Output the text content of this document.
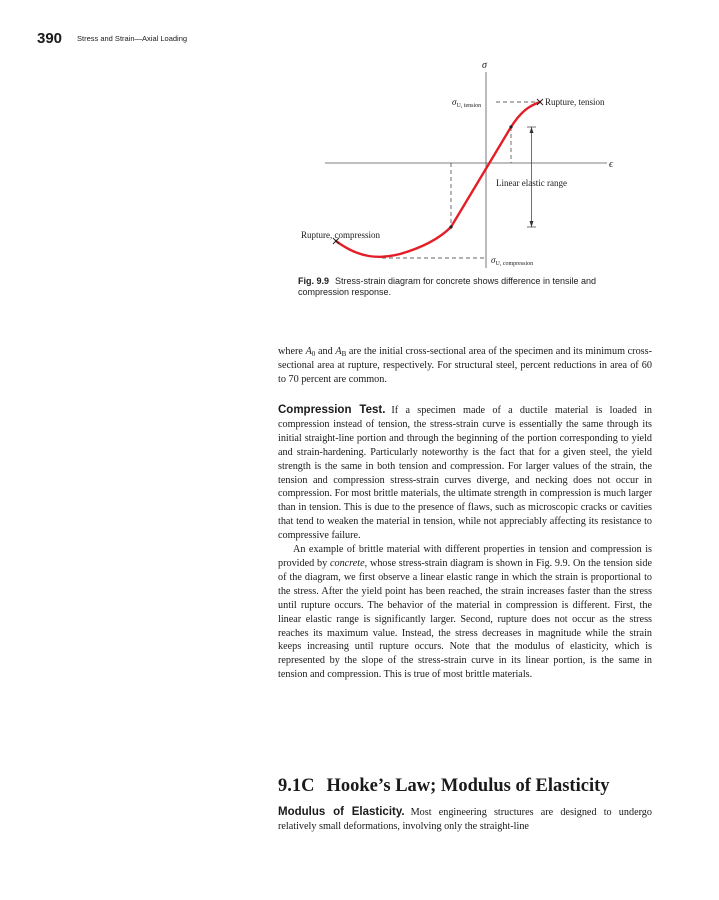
390 Stress and Strain—Axial Loading
σ
ϵ
$\sigma_{U, tension}$	Rupture, tension
Linear elastic range
Rupture, compression
$\sigma_{U, compression}$
Fig. 9.9 Stress-strain diagram for concrete shows difference in tensile and compression response.

where $A_0$ and $A_B$ are the initial cross-sectional area of the specimen and its minimum cross-sectional area at rupture, respectively. For structural steel, percent reductions in area of 60 to 70 percent are common.

Compression Test. If a specimen made of a ductile material is loaded in compression instead of tension, the stress-strain curve is essentially the same through its initial straight-line portion and through the beginning of the portion corresponding to yield and strain-hardening. Particularly noteworthy is the fact that for a given steel, the yield strength is the same in both tension and compression. For larger values of the strain, the tension and compression stress-strain curves diverge, and necking does not occur in compression. For most brittle materials, the ultimate strength in compression is much larger than in tension. This is due to the presence of flaws, such as microscopic cracks or cavities that tend to weaken the material in tension, while not appreciably affecting its resistance to compressive failure.

An example of brittle material with different properties in tension and compression is provided by concrete, whose stress-strain diagram is shown in Fig. 9.9. On the tension side of the diagram, we first observe a linear elastic range in which the strain is proportional to the stress. After the yield point has been reached, the strain increases faster than the stress until rupture occurs. The behavior of the material in compression is different. First, the linear elastic range is significantly larger. Second, rupture does not occur as the stress reaches its maximum value. Instead, the stress decreases in magnitude while the strain keeps increasing until rupture occurs. Note that the modulus of elasticity, which is represented by the slope of the stress-strain curve in its linear portion, is the same in tension and compression. This is true of most brittle materials.

9.1C Hooke’s Law; Modulus of Elasticity

Modulus of Elasticity. Most engineering structures are designed to undergo relatively small deformations, involving only the straight-line
